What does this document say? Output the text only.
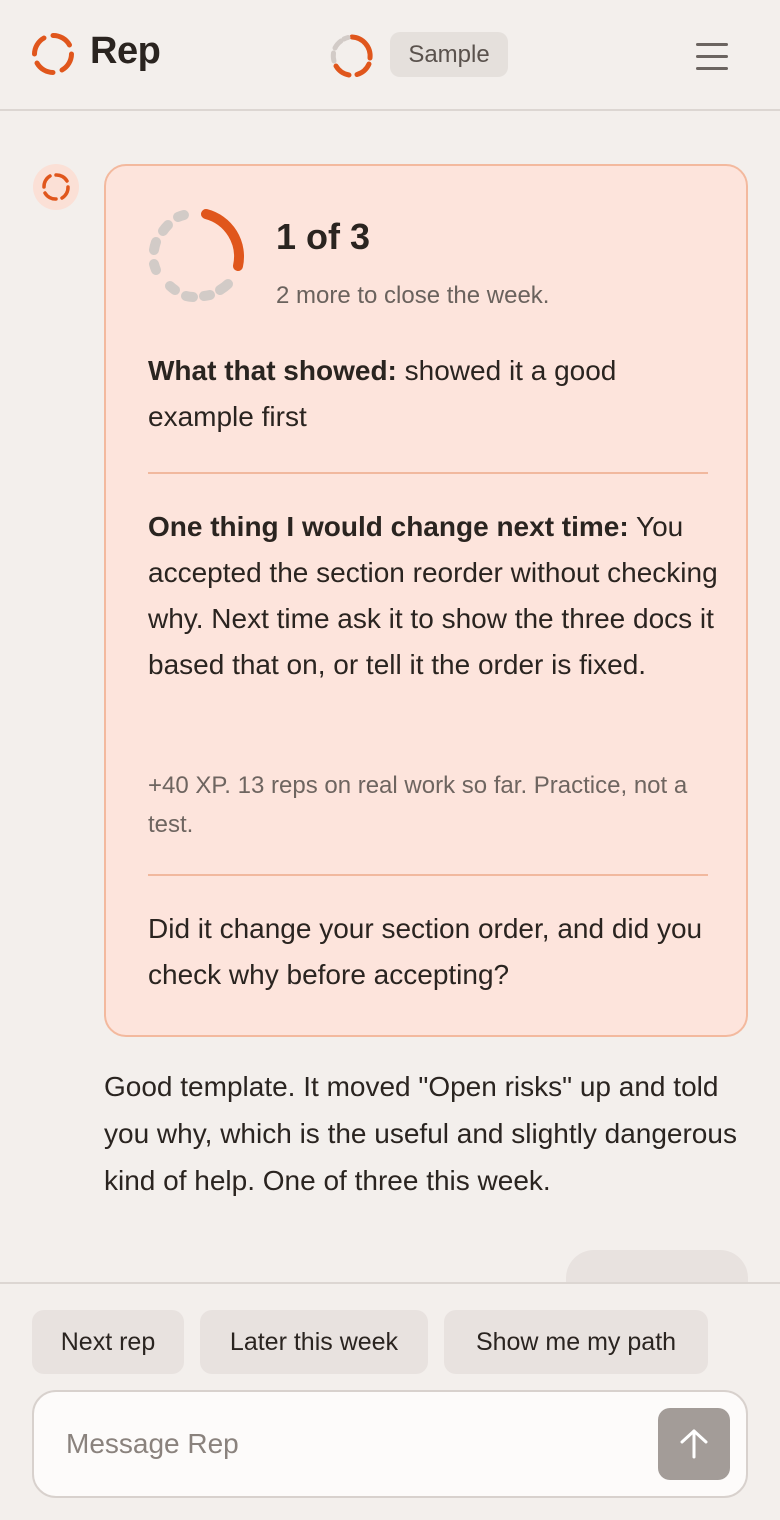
Rep	Sample
1 of 3
2 more to close the week.
What that showed: showed it a good example first
One thing I would change next time: You accepted the section reorder without checking why. Next time ask it to show the three docs it based that on, or tell it the order is fixed.
+40 XP. 13 reps on real work so far. Practice, not a test.
Did it change your section order, and did you check why before accepting?
Good template. It moved "Open risks" up and told you why, which is the useful and slightly dangerous kind of help. One of three this week.
Next rep	Later this week	Show me my path
Message Rep
